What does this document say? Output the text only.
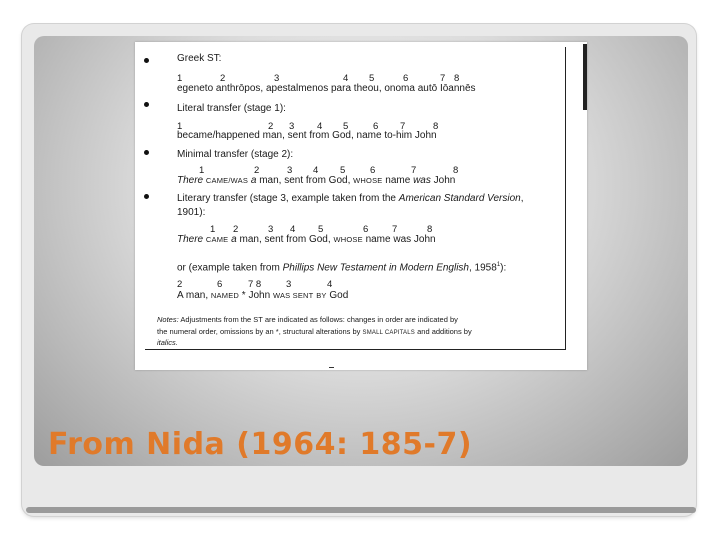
Greek ST:
1	2	3	4 5	6	7 8
egeneto anthrōpos, apestalmenos para theou, onoma autō Iōannēs
Literal transfer (stage 1):
1	2 3 4 5	6 7	8
became/happened man, sent from God, name to-him John
Minimal transfer (stage 2):
1	2	3 4 5	6	7	8
There CAME/WAS a man, sent from God, WHOSE name was John
Literary transfer (stage 3, example taken from the American Standard Version,
1901):
1 2	3 4 5	6 7	8
There CAME a man, sent from God, WHOSE name was John
or (example taken from Phillips New Testament in Modern English, 1958$^1$):
2	6	7 8	3	4
A man, NAMED * John WAS SENT BY God
Notes: Adjustments from the ST are indicated as follows: changes in order are indicated by
the numeral order, omissions by an *, structural alterations by SMALL CAPITALS and additions by
italics.
From Nida (1964: 185-7)
